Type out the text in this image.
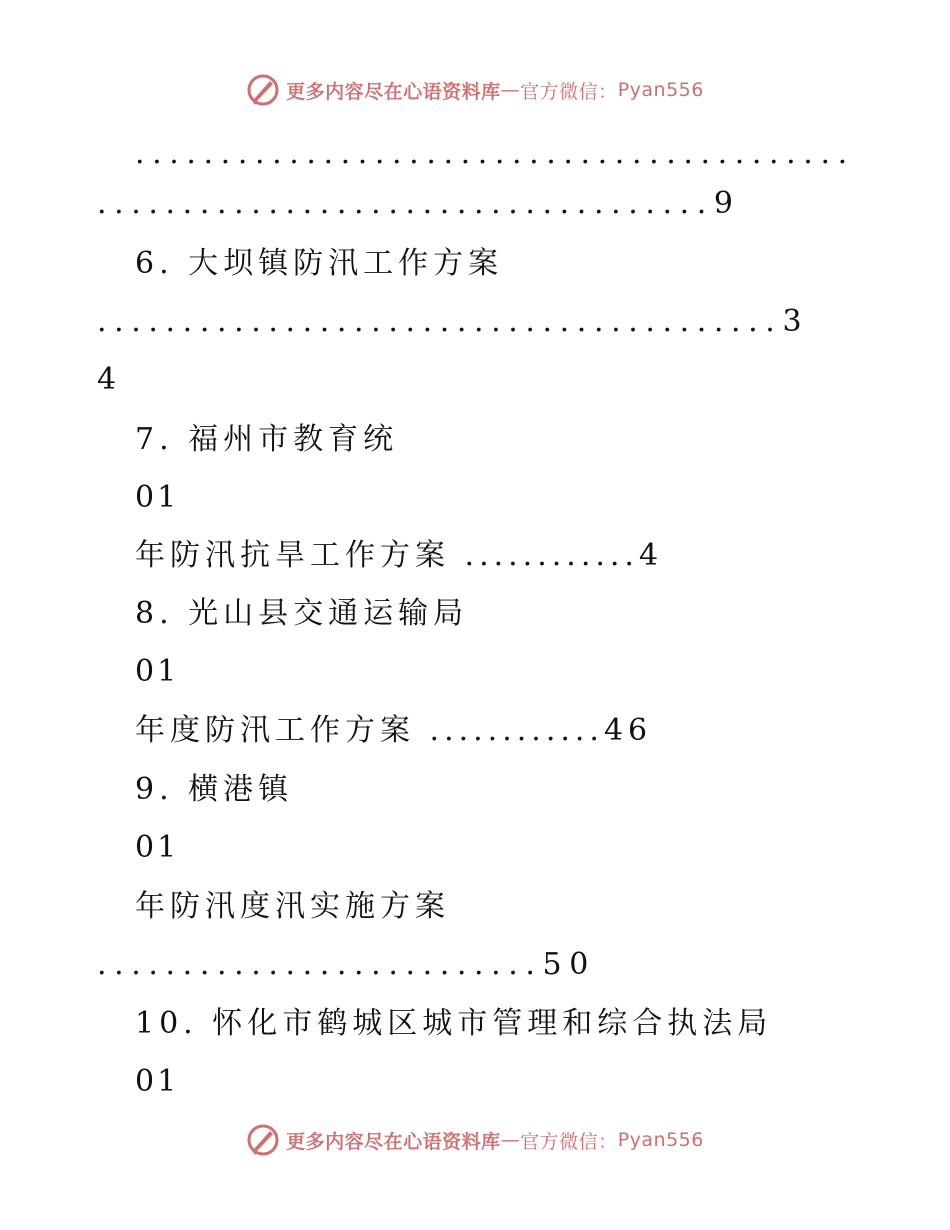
更多内容尽在心语资料库 — 官方微信： Pyan556
..........................................
....................................9
6. 大坝镇防汛工作方案
........................................3
4
7. 福州市教育统
01
年防汛抗旱工作方案 ............4
8. 光山县交通运输局
01
年度防汛工作方案 ............46
9. 横港镇
01
年防汛度汛实施方案
..........................50
10. 怀化市鹤城区城市管理和综合执法局
01
更多内容尽在心语资料库 — 官方微信： Pyan556
